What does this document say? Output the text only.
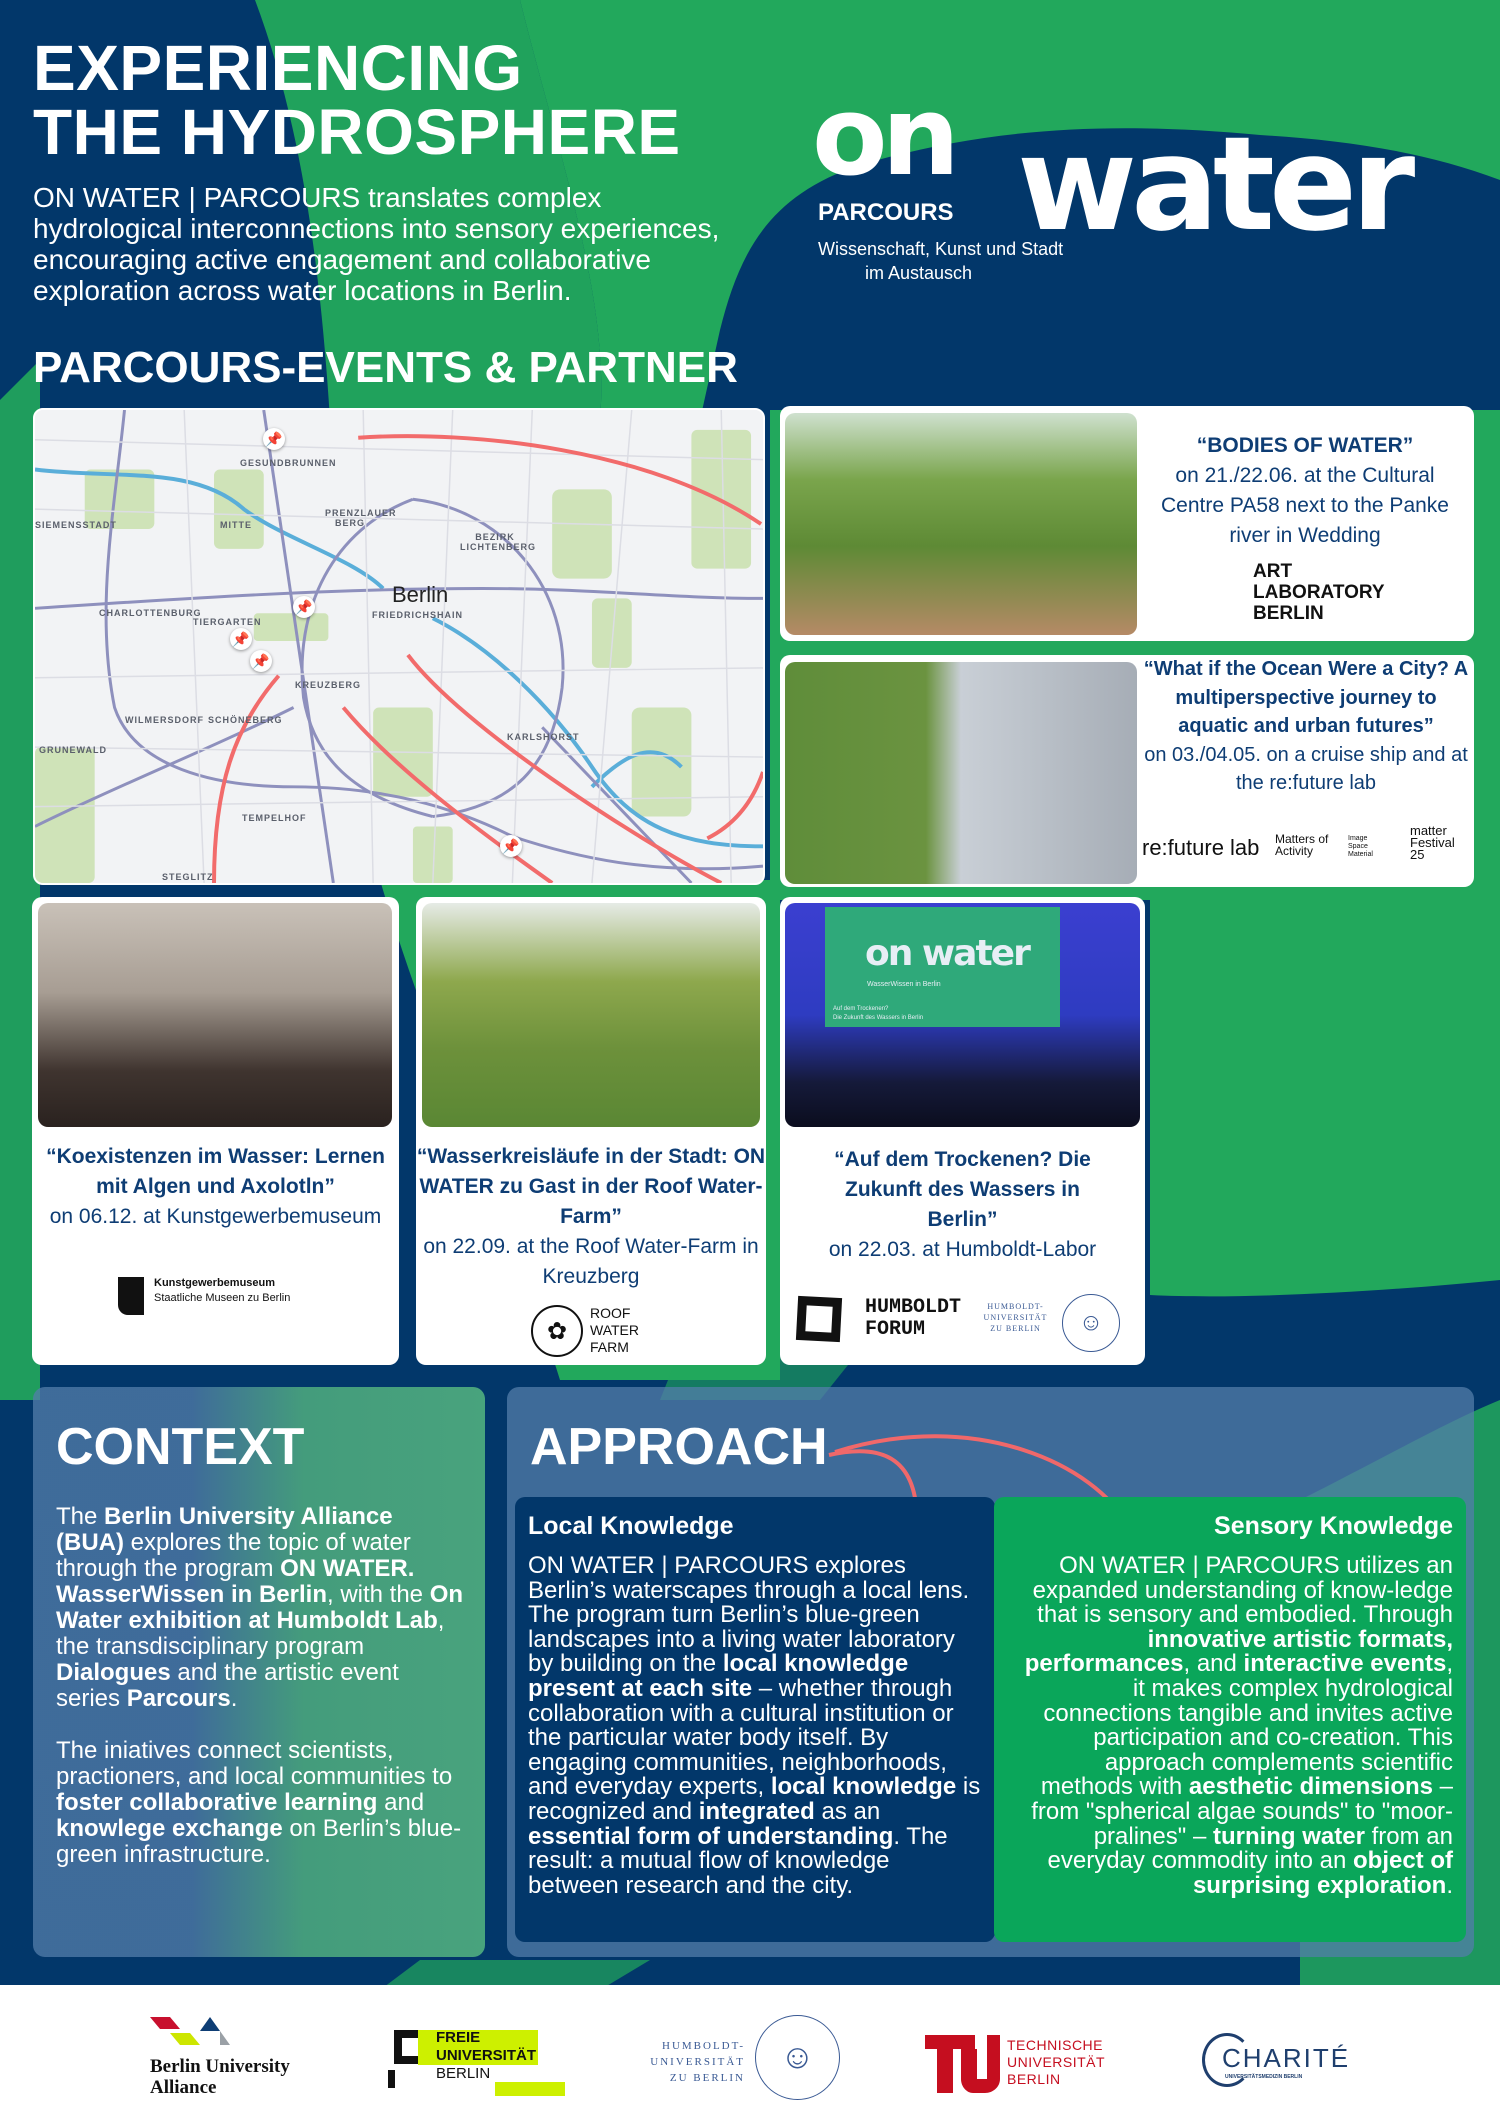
EXPERIENCING
THE HYDROSPHERE
ON WATER | PARCOURS translates complex hydrological interconnections into sensory experiences, encouraging active engagement and collaborative exploration across water locations in Berlin.
PARCOURS-EVENTS & PARTNER
on water
PARCOURS
Wissenschaft, Kunst und Stadt
im Austausch
Berlin
GESUNDBRUNNEN
SIEMENSSTADT	MITTE
PRENZLAUER BERG
BEZIRK LICHTENBERG
CHARLOTTENBURG
TIERGARTEN
FRIEDRICHSHAIN
KREUZBERG
WILMERSDORF SCHÖNEBERG
GRUNEWALD
KARLSHORST
TEMPELHOF
STEGLITZ
📌
📌
📌
📌
📌
“BODIES OF WATER”
on 21./22.06. at the Cultural Centre PA58 next to the Panke river in Wedding
ART LABORATORY BERLIN
“What if the Ocean Were a City? A multiperspective journey to aquatic and urban futures”
on 03./04.05. on a cruise ship and at the re:future lab
re:future lab Matters of Activity
Image Space Material
matter Festival 25
“Koexistenzen im Wasser: Lernen mit Algen und Axolotln”
on 06.12. at Kunstgewerbemuseum
Kunstgewerbemuseum
Staatliche Museen zu Berlin
“Wasserkreisläufe in der Stadt: ON WATER zu Gast in der Roof Water-Farm”
on 22.09. at the Roof Water-Farm in Kreuzberg
✿
ROOF WATER FARM
on water
WasserWissen in Berlin
Auf dem Trockenen?
Die Zukunft des Wassers in Berlin
“Auf dem Trockenen? Die Zukunft des Wassers in Berlin”
on 22.03. at Humboldt-Labor
HUMBOLDT FORUM
HUMBOLDT-UNIVERSITÄT ZU BERLIN	☺
CONTEXT

The Berlin University Alliance (BUA) explores the topic of water through the program ON WATER. WasserWissen in Berlin, with the On Water exhibition at Humboldt Lab, the transdisciplinary program Dialogues and the artistic event series Parcours.

The iniatives connect scientists, practioners, and local communities to foster collaborative learning and knowlege exchange on Berlin’s blue-green infrastructure.

APPROACH
Local Knowledge
ON WATER | PARCOURS explores Berlin’s waterscapes through a local lens. The program turn Berlin’s blue-green landscapes into a living water laboratory by building on the local knowledge present at each site – whether through collaboration with a cultural institution or the particular water body itself. By engaging communities, neighborhoods, and everyday experts, local knowledge is recognized and integrated as an essential form of understanding. The result: a mutual flow of knowledge between research and the city.
Sensory Knowledge
ON WATER | PARCOURS utilizes an expanded understanding of know-ledge that is sensory and embodied. Through innovative artistic formats, performances, and interactive events, it makes complex hydrological connections tangible and invites active participation and co-creation. This approach complements scientific methods with aesthetic dimensions – from "spherical algae sounds" to "moor-pralines" – turning water from an everyday commodity into an object of surprising exploration.
Berlin University Alliance
FREIE
UNIVERSITÄT
BERLIN
HUMBOLDT-
UNIVERSITÄT
ZU BERLIN
☺	TECHNISCHE
UNIVERSITÄT
BERLIN
CHARITÉ
UNIVERSITÄTSMEDIZIN BERLIN
